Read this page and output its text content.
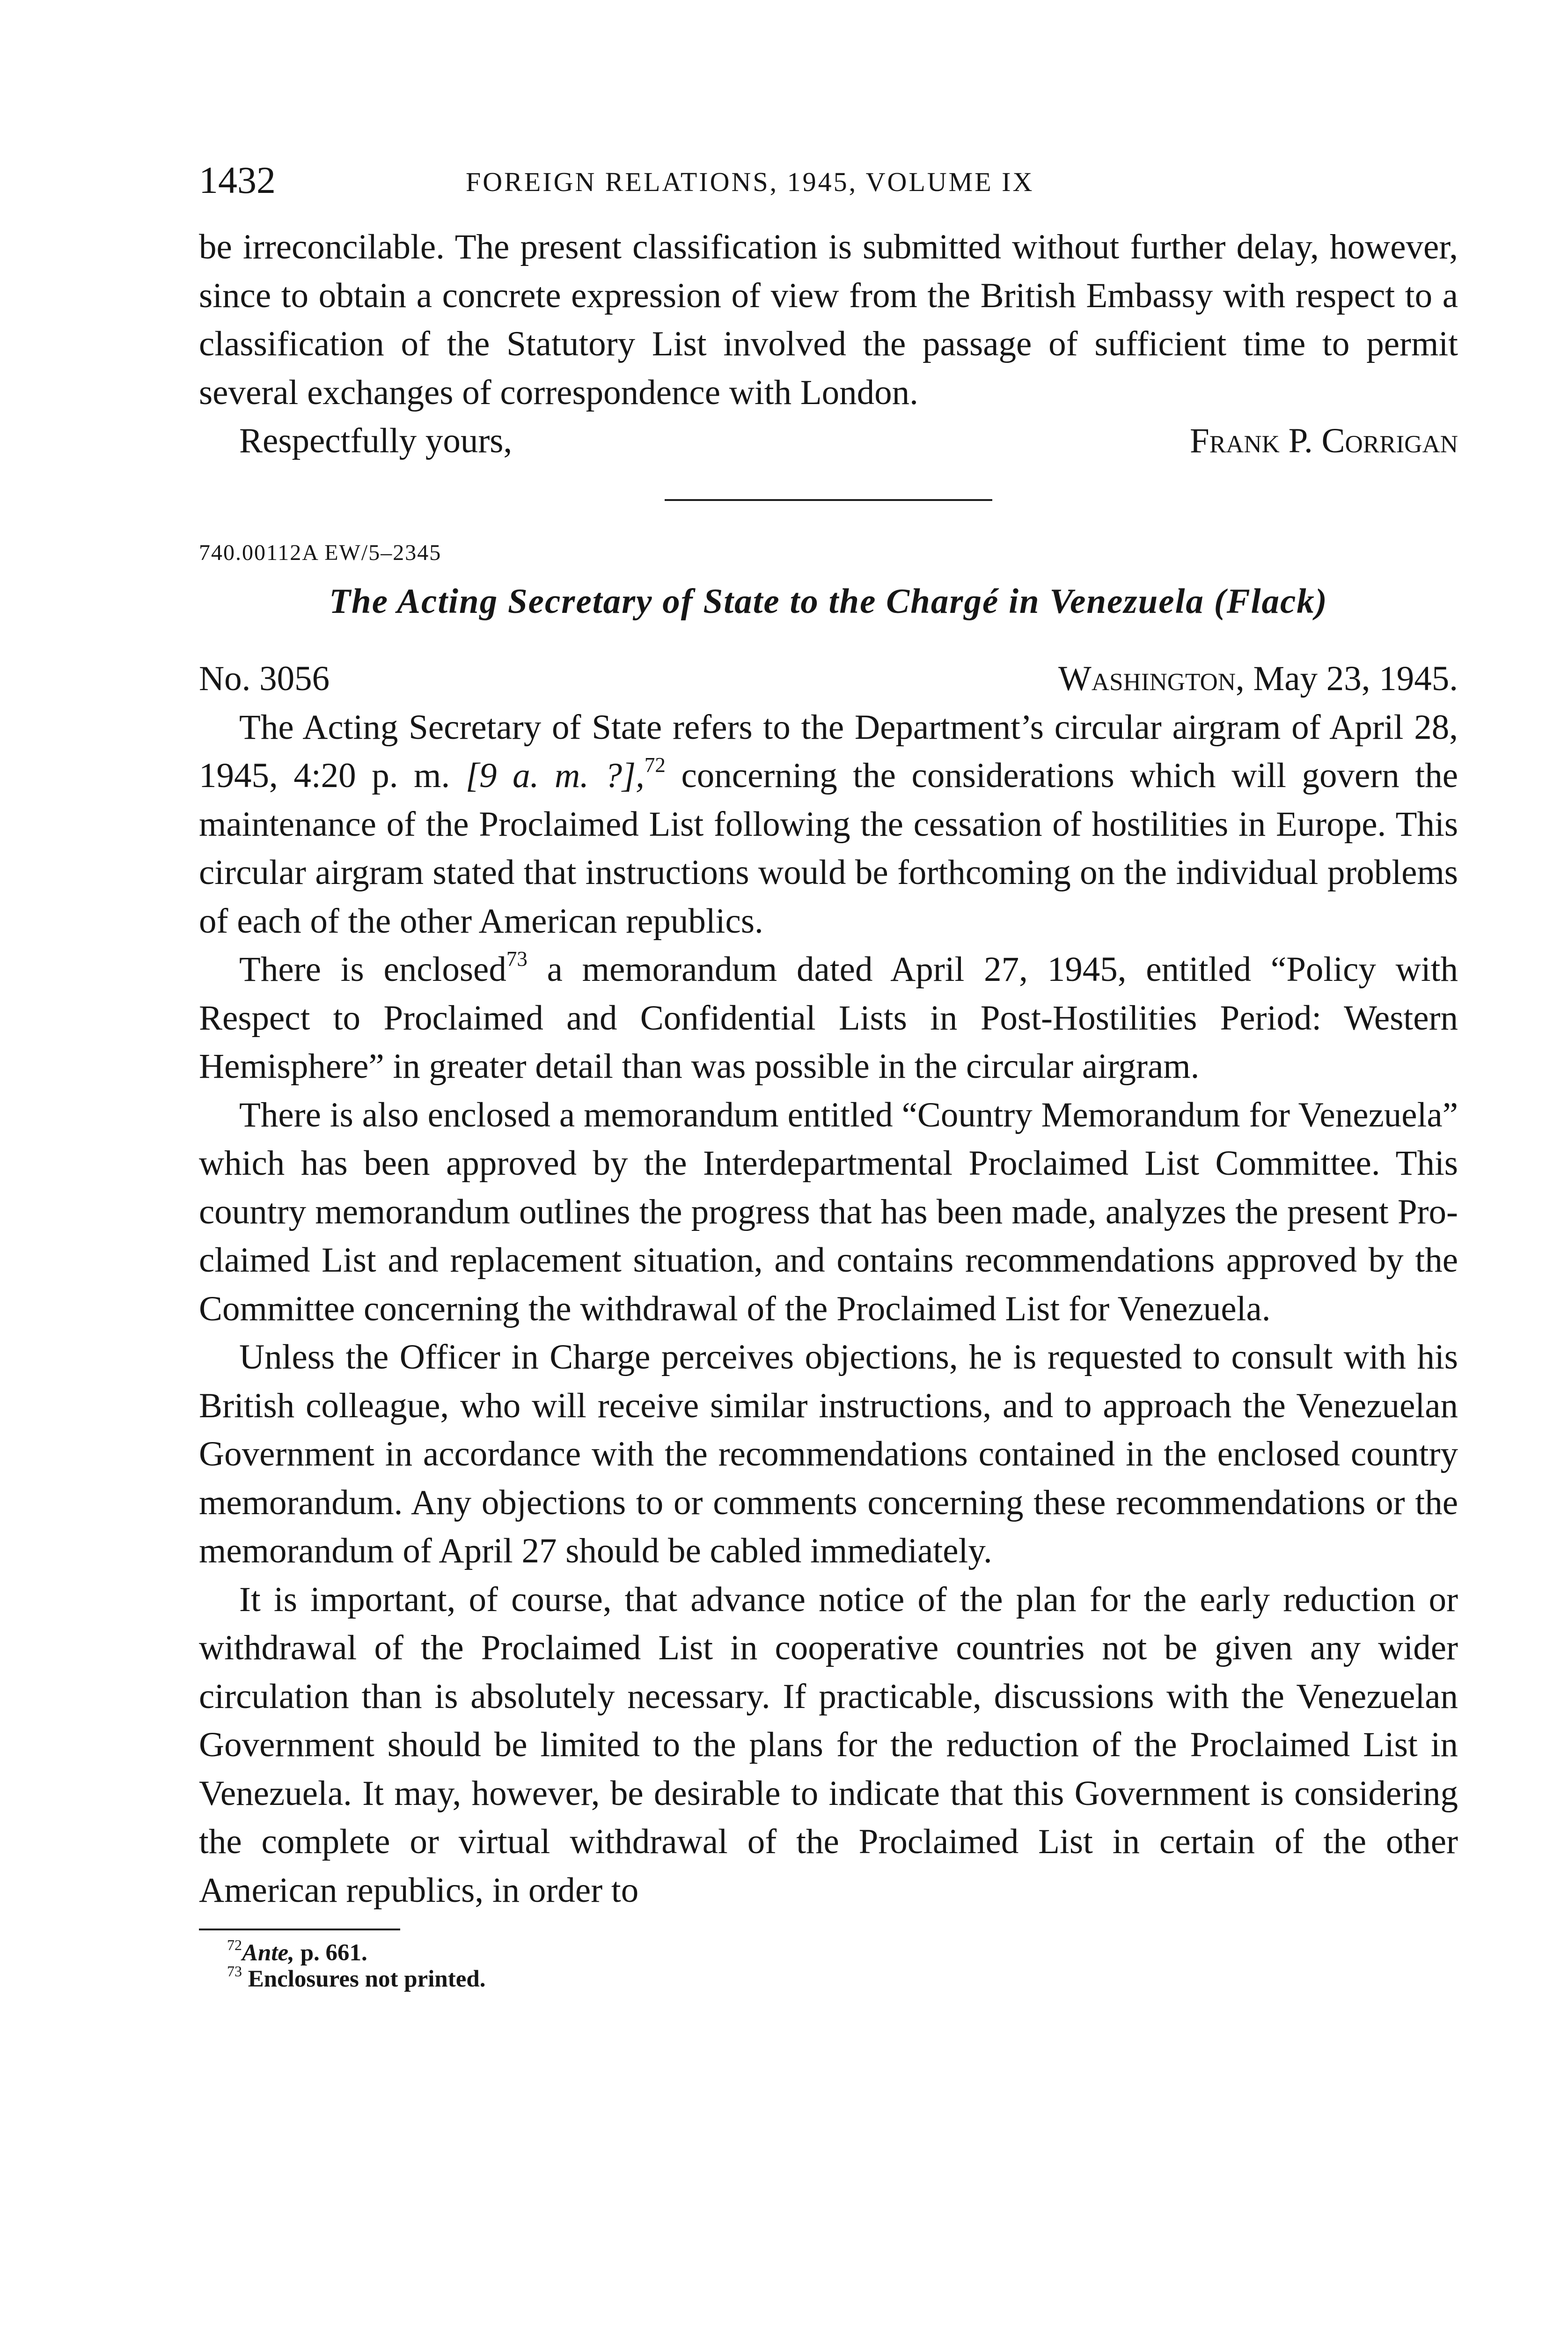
1432	FOREIGN RELATIONS, 1945, VOLUME IX

be irreconcilable. The present classification is submitted without further delay, however, since to obtain a concrete expression of view from the British Embassy with respect to a classification of the Statutory List involved the passage of sufficient time to permit several exchanges of correspondence with London.

Respectfully yours,	Frank P. Corrigan
740.00112A EW/5–2345
The Acting Secretary of State to the Chargé in Venezuela (Flack)
No. 3056	Washington, May 23, 1945.

The Acting Secretary of State refers to the Department’s circular airgram of April 28, 1945, 4:20 p. m. [9 a. m. ?],$^{72}$ concerning the considerations which will govern the maintenance of the Proclaimed List following the cessation of hostilities in Europe. This circular airgram stated that instructions would be forthcoming on the individual problems of each of the other American republics.

There is enclosed$^{73}$ a memorandum dated April 27, 1945, entitled “Policy with Respect to Proclaimed and Confidential Lists in Post-Hostilities Period: Western Hemisphere” in greater detail than was possible in the circular airgram.

There is also enclosed a memorandum entitled “Country Memorandum for Venezuela” which has been approved by the Interdepartmental Proclaimed List Committee. This country memorandum outlines the progress that has been made, analyzes the present Proclaimed List and replacement situation, and contains recommendations approved by the Committee concerning the withdrawal of the Proclaimed List for Venezuela.

Unless the Officer in Charge perceives objections, he is requested to consult with his British colleague, who will receive similar instructions, and to approach the Venezuelan Government in accordance with the recommendations contained in the enclosed country memorandum. Any objections to or comments concerning these recommendations or the memorandum of April 27 should be cabled immediately.

It is important, of course, that advance notice of the plan for the early reduction or withdrawal of the Proclaimed List in cooperative countries not be given any wider circulation than is absolutely necessary. If practicable, discussions with the Venezuelan Government should be limited to the plans for the reduction of the Proclaimed List in Venezuela. It may, however, be desirable to indicate that this Government is considering the complete or virtual withdrawal of the Proclaimed List in certain of the other American republics, in order to

$^{72}$Ante, p. 661.
$^{73}$ Enclosures not printed.
